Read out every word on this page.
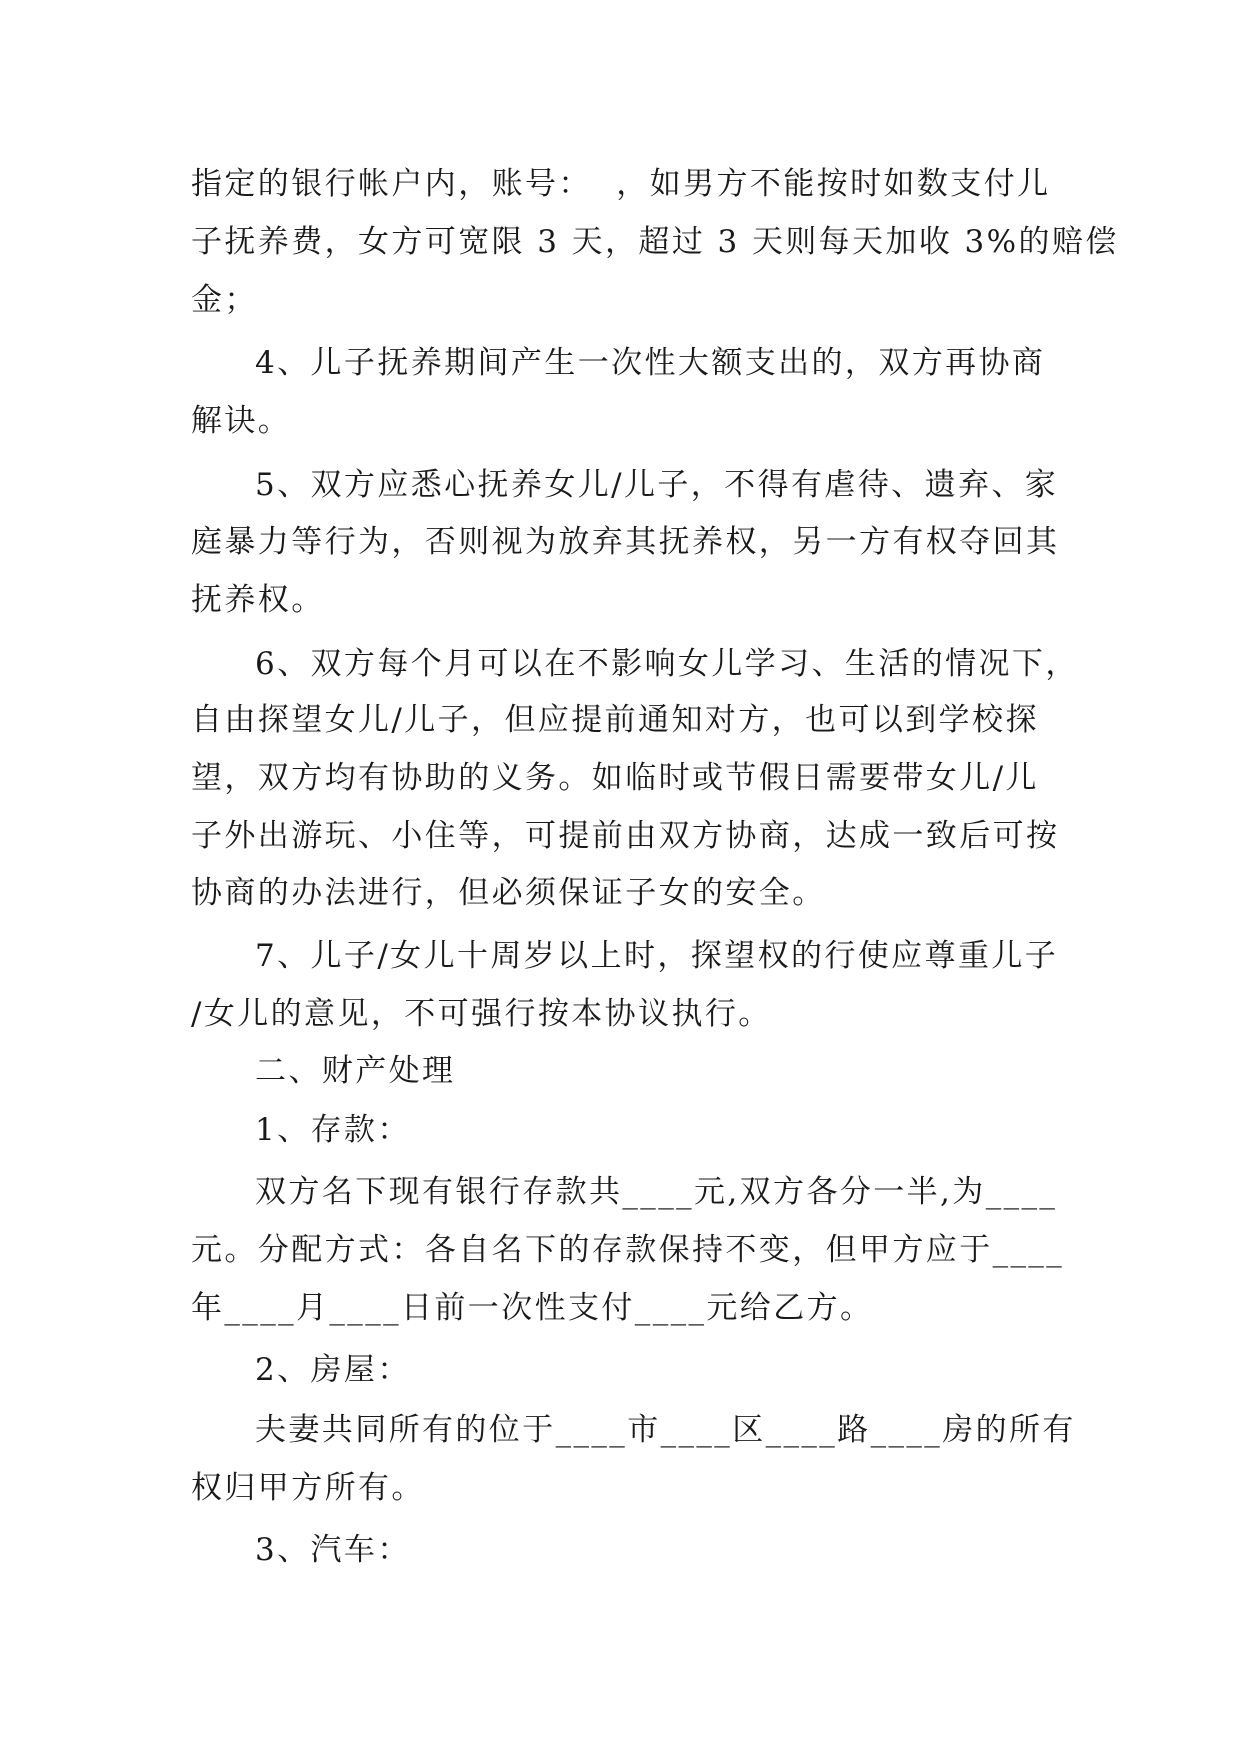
指定的银行帐户内，账号：  ，如男方不能按时如数支付儿
子抚养费，女方可宽限 3 天，超过 3 天则每天加收 3%的赔偿
金；
4、儿子抚养期间产生一次性大额支出的，双方再协商
解诀。
5、双方应悉心抚养女儿/儿子，不得有虐待、遗弃、家
庭暴力等行为，否则视为放弃其抚养权，另一方有权夺回其
抚养权。
6、双方每个月可以在不影响女儿学习、生活的情况下，
自由探望女儿/儿子，但应提前通知对方，也可以到学校探
望，双方均有协助的义务。如临时或节假日需要带女儿/儿
子外出游玩、小住等，可提前由双方协商，达成一致后可按
协商的办法进行，但必须保证子女的安全。
7、儿子/女儿十周岁以上时，探望权的行使应尊重儿子
/女儿的意见，不可强行按本协议执行。
二、财产处理
1、存款：
双方名下现有银行存款共____元,双方各分一半,为____
元。分配方式：各自名下的存款保持不变，但甲方应于____
年____月____日前一次性支付____元给乙方。
2、房屋：
夫妻共同所有的位于____市____区____路____房的所有
权归甲方所有。
3、汽车：
